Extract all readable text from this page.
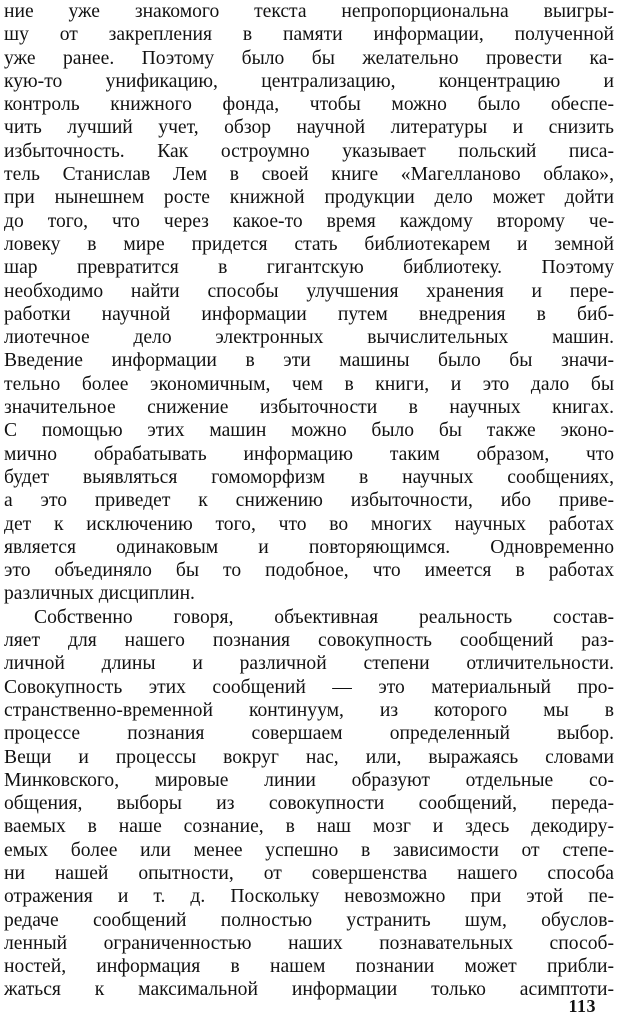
ние уже знакомого текста непропорциональна выигры-
шу от закрепления в памяти информации, полученной
уже ранее. Поэтому было бы желательно провести ка-
кую-то унификацию, централизацию, концентрацию и
контроль книжного фонда, чтобы можно было обеспе-
чить лучший учет, обзор научной литературы и снизить
избыточность. Как остроумно указывает польский писа-
тель Станислав Лем в своей книге «Магелланово облако»,
при нынешнем росте книжной продукции дело может дойти
до того, что через какое-то время каждому второму че-
ловеку в мире придется стать библиотекарем и земной
шар превратится в гигантскую библиотеку. Поэтому
необходимо найти способы улучшения хранения и пере-
работки научной информации путем внедрения в биб-
лиотечное дело электронных вычислительных машин.
Введение информации в эти машины было бы значи-
тельно более экономичным, чем в книги, и это дало бы
значительное снижение избыточности в научных книгах.
С помощью этих машин можно было бы также эконо-
мично обрабатывать информацию таким образом, что
будет выявляться гомоморфизм в научных сообщениях,
а это приведет к снижению избыточности, ибо приве-
дет к исключению того, что во многих научных работах
является одинаковым и повторяющимся. Одновременно
это объединяло бы то подобное, что имеется в работах
различных дисциплин.
Собственно говоря, объективная реальность состав-
ляет для нашего познания совокупность сообщений раз-
личной длины и различной степени отличительности.
Совокупность этих сообщений — это материальный про-
странственно-временной континуум, из которого мы в
процессе познания совершаем определенный выбор.
Вещи и процессы вокруг нас, или, выражаясь словами
Минковского, мировые линии образуют отдельные со-
общения, выборы из совокупности сообщений, переда-
ваемых в наше сознание, в наш мозг и здесь декодиру-
емых более или менее успешно в зависимости от степе-
ни нашей опытности, от совершенства нашего способа
отражения и т. д. Поскольку невозможно при этой пе-
редаче сообщений полностью устранить шум, обуслов-
ленный ограниченностью наших познавательных способ-
ностей, информация в нашем познании может прибли-
жаться к максимальной информации только асимптоти-
113
